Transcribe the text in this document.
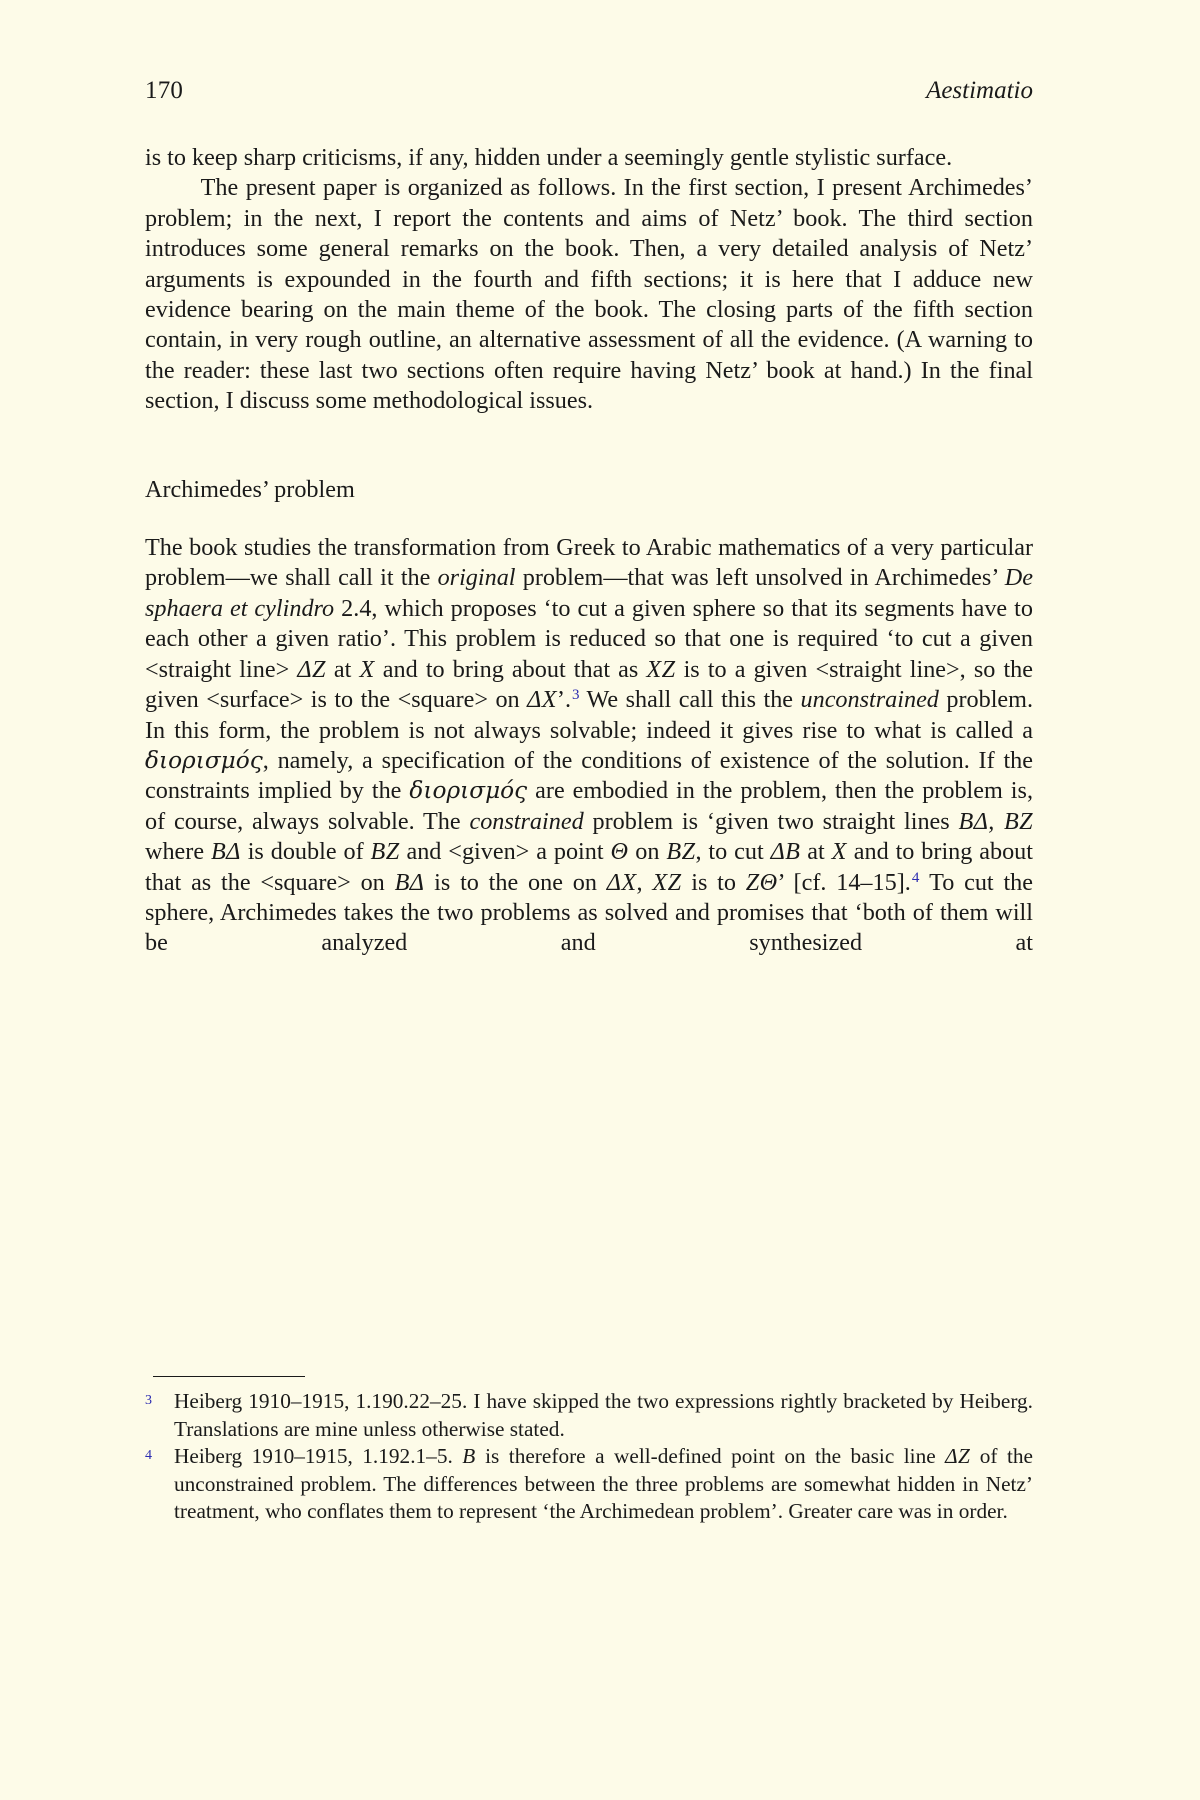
170	Aestimatio

is to keep sharp criticisms, if any, hidden under a seemingly gentle stylistic surface.

The present paper is organized as follows. In the first section, I present Archimedes’ problem; in the next, I report the contents and aims of Netz’ book. The third section introduces some general remarks on the book. Then, a very detailed analysis of Netz’ arguments is expounded in the fourth and fifth sections; it is here that I adduce new evidence bearing on the main theme of the book. The closing parts of the fifth section contain, in very rough outline, an alternative assessment of all the evidence. (A warning to the reader: these last two sections often require having Netz’ book at hand.) In the final section, I discuss some methodological issues.

Archimedes’ problem

The book studies the transformation from Greek to Arabic mathematics of a very particular problem—we shall call it the original problem—that was left unsolved in Archimedes’ De sphaera et cylindro 2.4, which proposes ‘to cut a given sphere so that its segments have to each other a given ratio’. This problem is reduced so that one is required ‘to cut a given <straight line> ΔZ at X and to bring about that as XZ is to a given <straight line>, so the given <surface> is to the <square> on ΔX’.$^3$ We shall call this the unconstrained problem. In this form, the problem is not always solvable; indeed it gives rise to what is called a διορισμός, namely, a specification of the conditions of existence of the solution. If the constraints implied by the διορισμός are embodied in the problem, then the problem is, of course, always solvable. The constrained problem is ‘given two straight lines BΔ, BZ where BΔ is double of BZ and <given> a point Θ on BZ, to cut ΔB at X and to bring about that as the <square> on BΔ is to the one on ΔX, XZ is to ZΘ’ [cf. 14–15].$^4$ To cut the sphere, Archimedes takes the two problems as solved and promises that ‘both of them will be analyzed and synthesized at

3 Heiberg 1910–1915, 1.190.22–25. I have skipped the two expressions rightly bracketed by Heiberg. Translations are mine unless otherwise stated.
4 Heiberg 1910–1915, 1.192.1–5. B is therefore a well-defined point on the basic line ΔZ of the unconstrained problem. The differences between the three problems are somewhat hidden in Netz’ treatment, who conflates them to represent ‘the Archimedean problem’. Greater care was in order.
